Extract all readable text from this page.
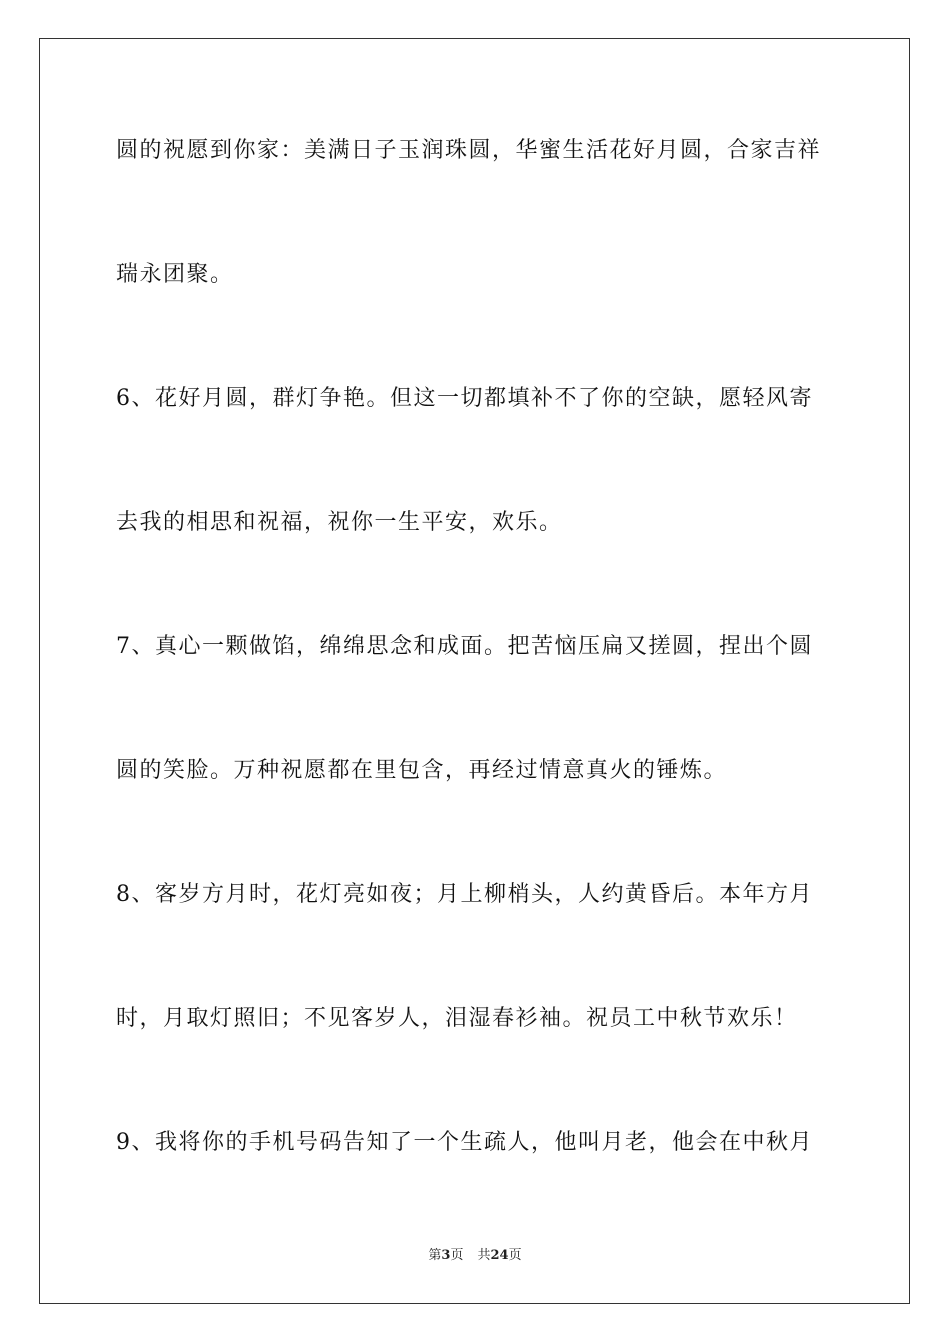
圆的祝愿到你家：美满日子玉润珠圆，华蜜生活花好月圆，合家吉祥
瑞永团聚。
6、花好月圆，群灯争艳。但这一切都填补不了你的空缺，愿轻风寄
去我的相思和祝福，祝你一生平安，欢乐。
7、真心一颗做馅，绵绵思念和成面。把苦恼压扁又搓圆，捏出个圆
圆的笑脸。万种祝愿都在里包含，再经过情意真火的锤炼。
8、客岁方月时，花灯亮如夜；月上柳梢头，人约黄昏后。本年方月
时，月取灯照旧；不见客岁人，泪湿春衫袖。祝员工中秋节欢乐！
9、我将你的手机号码告知了一个生疏人，他叫月老，他会在中秋月
第3页 共24页
